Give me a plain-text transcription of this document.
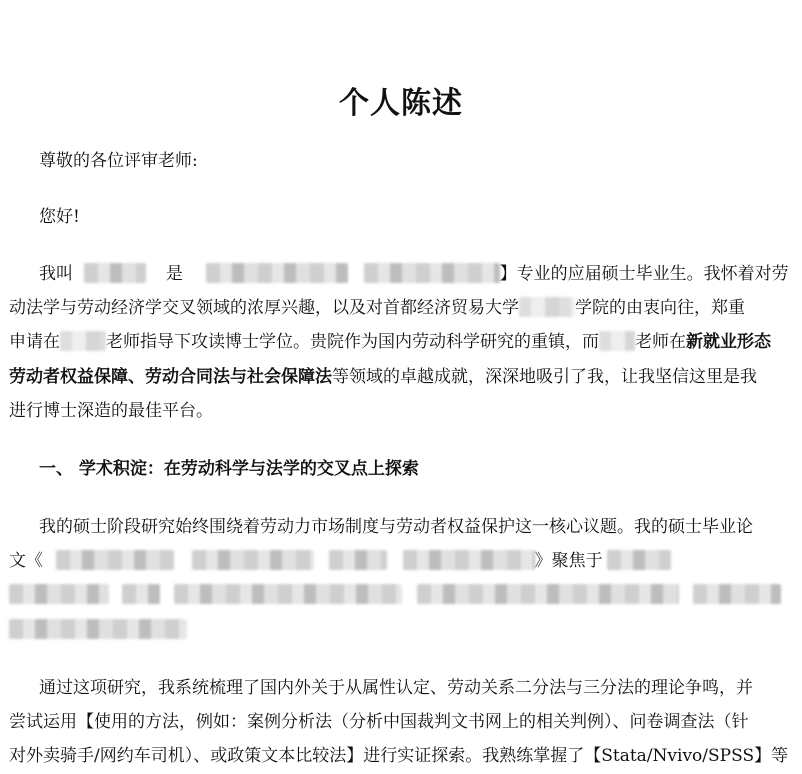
个人陈述
尊敬的各位评审老师:
您好!
我叫	是	】专业的应届硕士毕业生。我怀着对劳
动法学与劳动经济学交叉领域的浓厚兴趣，以及对首都经济贸易大学	学院的由衷向往，郑重
申请在	老师指导下攻读博士学位。贵院作为国内劳动科学研究的重镇，而 老师在新就业形态
劳动者权益保障、劳动合同法与社会保障法等领域的卓越成就，深深地吸引了我，让我坚信这里是我
进行博士深造的最佳平台。
一、 学术积淀：在劳动科学与法学的交叉点上探索
我的硕士阶段研究始终围绕着劳动力市场制度与劳动者权益保护这一核心议题。我的硕士毕业论
文《	》聚焦于

通过这项研究，我系统梳理了国内外关于从属性认定、劳动关系二分法与三分法的理论争鸣，并
尝试运用【使用的方法，例如：案例分析法（分析中国裁判文书网上的相关判例）、问卷调查法（针
对外卖骑手/网约车司机）、或政策文本比较法】进行实证探索。我熟练掌握了【Stata/Nvivo/SPSS】等
